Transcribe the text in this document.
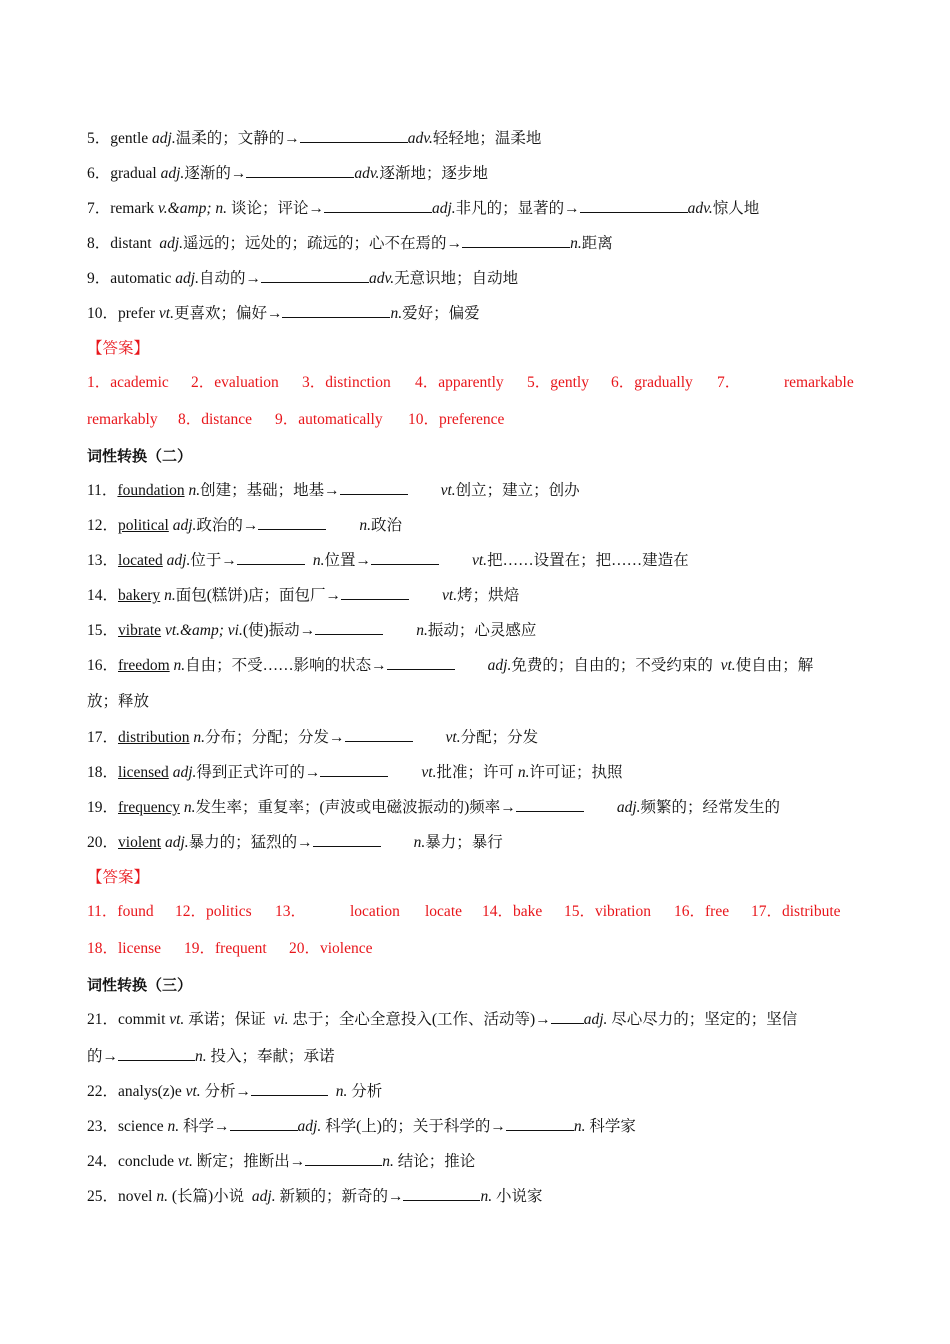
5．gentle adj.温柔的；文静的→	adv.轻轻地；温柔地
6．gradual adj.逐渐的→	adv.逐渐地；逐步地
7．remark v.&amp; n. 谈论；评论→	adj.非凡的；显著的→	adv.惊人地
8．distant adj.遥远的；远处的；疏远的；心不在焉的→	n.距离
9．automatic adj.自动的→	adv.无意识地；自动地
10．prefer vt.更喜欢；偏好→	n.爱好；偏爱
【答案】
1．academic 2．evaluation 3．distinction 4．apparently 5．gently 6．gradually 7．	remarkable
remarkably 8．distance 9．automatically 10．preference
词性转换（二）
11．foundation n.创建；基础；地基→	vt.创立；建立；创办
12．political adj.政治的→	n.政治
13．located adj.位于→	n.位置→	vt.把……设置在；把……建造在
14．bakery n.面包(糕饼)店；面包厂→	vt.烤；烘焙
15．vibrate vt.&amp; vi.(使)振动→	n.振动；心灵感应
16．freedom n.自由；不受……影响的状态→	adj.免费的；自由的；不受约束的 vt.使自由；解
放；释放
17．distribution n.分布；分配；分发→	vt.分配；分发
18．licensed adj.得到正式许可的→	vt.批准；许可 n.许可证；执照
19．frequency n.发生率；重复率；(声波或电磁波振动的)频率→	adj.频繁的；经常发生的
20．violent adj.暴力的；猛烈的→	n.暴力；暴行
【答案】
11．found 12．politics 13．	location locate 14．bake 15．vibration 16．free 17．distribute
18．license 19．frequent 20．violence
词性转换（三）
21．commit vt. 承诺；保证 vi. 忠于；全心全意投入(工作、活动等)→ adj. 尽心尽力的；坚定的；坚信
的→	n. 投入；奉献；承诺
22．analys(z)e vt. 分析→	n. 分析
23．science n. 科学→	adj. 科学(上)的；关于科学的→	n. 科学家
24．conclude vt. 断定；推断出→	n. 结论；推论
25．novel n. (长篇)小说 adj. 新颖的；新奇的→	n. 小说家
